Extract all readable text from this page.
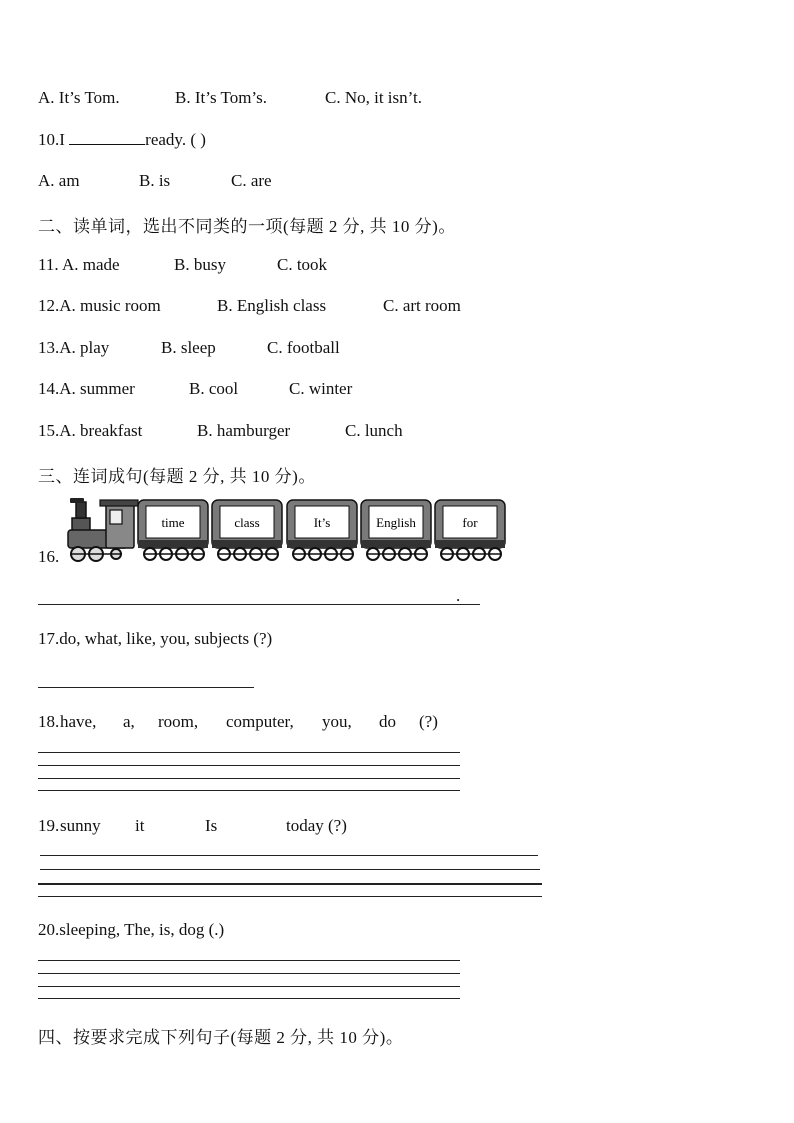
A. It’s Tom.	B. It’s Tom’s.	C. No, it isn’t.
10.I	ready. ( )
A. am	B. is	C. are
二、读单词，选出不同类的一项(每题 2 分, 共 10 分)。
11. A. made	B. busy	C. took
12.A. music room	B. English class	C. art room
13.A. play	B. sleep	C. football
14.A. summer	B. cool	C. winter
15.A. breakfast	B. hamburger	C. lunch
三、连词成句(每题 2 分, 共 10 分)。
16.
time	class	It’s	English	for
.
17.do, what, like, you, subjects (?)
18. have, a, room, computer, you, do (?)
19. sunny it	Is	today (?)
20.sleeping, The, is, dog (.)
四、按要求完成下列句子(每题 2 分, 共 10 分)。
